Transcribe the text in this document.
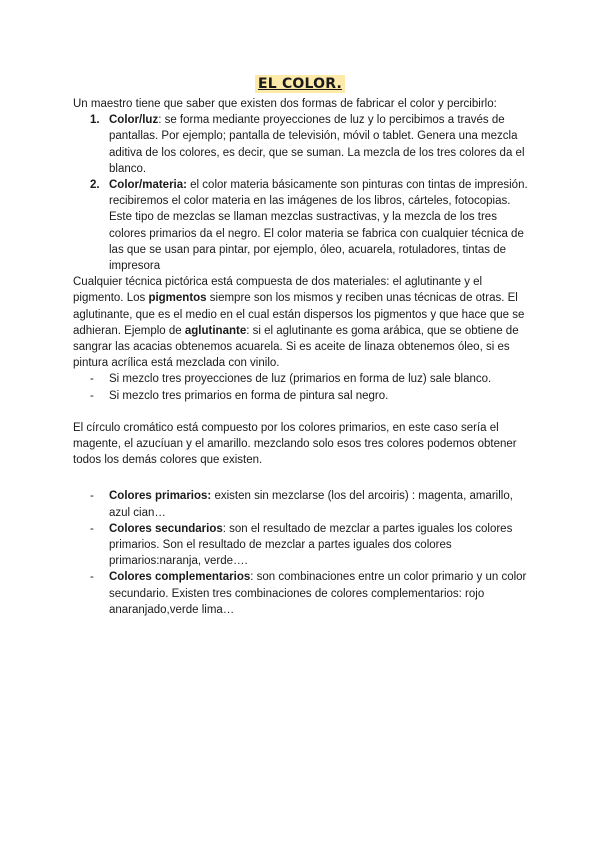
EL COLOR.

Un maestro tiene que saber que existen dos formas de fabricar el color y percibirlo:

1. Color/luz: se forma mediante proyecciones de luz y lo percibimos a través de pantallas. Por ejemplo; pantalla de televisión, móvil o tablet. Genera una mezcla aditiva de los colores, es decir, que se suman. La mezcla de los tres colores da el blanco.
2. Color/materia: el color materia básicamente son pinturas con tintas de impresión. recibiremos el color materia en las imágenes de los libros, cárteles, fotocopias. Este tipo de mezclas se llaman mezclas sustractivas, y la mezcla de los tres colores primarios da el negro. El color materia se fabrica con cualquier técnica de las que se usan para pintar, por ejemplo, óleo, acuarela, rotuladores, tintas de impresora

Cualquier técnica pictórica está compuesta de dos materiales: el aglutinante y el pigmento. Los pigmentos siempre son los mismos y reciben unas técnicas de otras. El aglutinante, que es el medio en el cual están dispersos los pigmentos y que hace que se adhieran. Ejemplo de aglutinante: si el aglutinante es goma arábica, que se obtiene de sangrar las acacias obtenemos acuarela. Si es aceite de linaza obtenemos óleo, si es pintura acrílica está mezclada con vinilo.

- Si mezclo tres proyecciones de luz (primarios en forma de luz) sale blanco.
- Si mezclo tres primarios en forma de pintura sal negro.

El círculo cromático está compuesto por los colores primarios, en este caso sería el magente, el azucíuan y el amarillo. mezclando solo esos tres colores podemos obtener todos los demás colores que existen.

- Colores primarios: existen sin mezclarse (los del arcoiris) : magenta, amarillo, azul cian…
- Colores secundarios: son el resultado de mezclar a partes iguales los colores primarios. Son el resultado de mezclar a partes iguales dos colores primarios:naranja, verde….
- Colores complementarios: son combinaciones entre un color primario y un color secundario. Existen tres combinaciones de colores complementarios: rojo anaranjado,verde lima…
